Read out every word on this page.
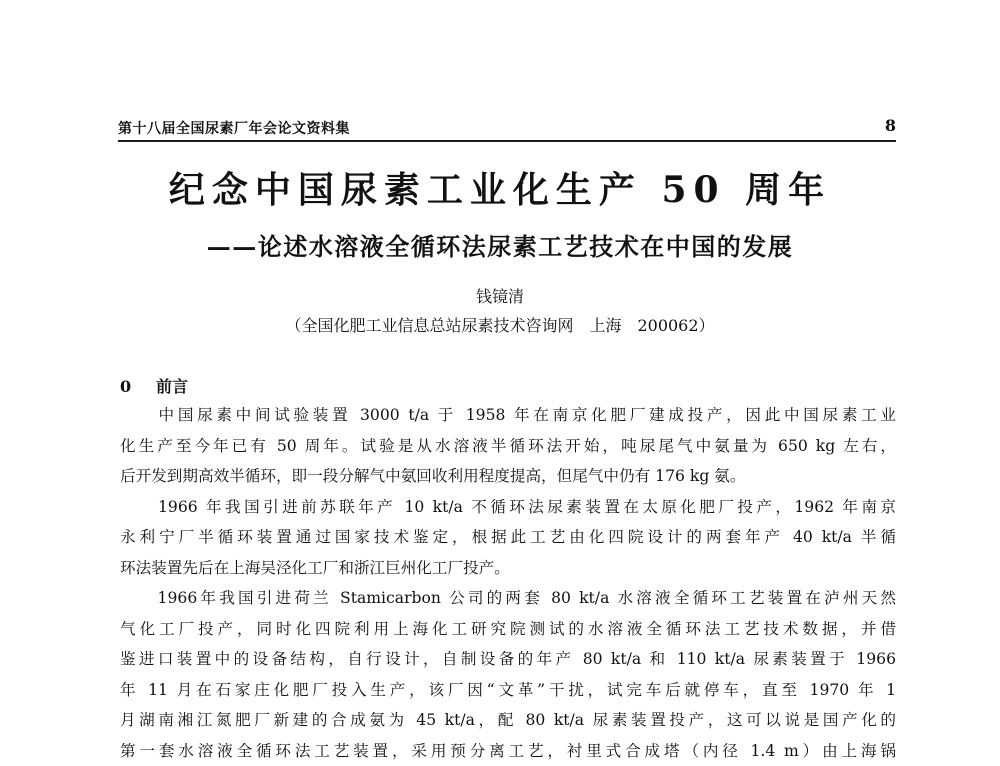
第十八届全国尿素厂年会论文资料集	8
纪念中国尿素工业化生产 50 周年
——论述水溶液全循环法尿素工艺技术在中国的发展
钱镜清
（全国化肥工业信息总站尿素技术咨询网　上海　200062）
0 前言
　　中国尿素中间试验装置 3000 t/a 于 1958 年在南京化肥厂建成投产，因此中国尿素工业
化生产至今年已有 50 周年。试验是从水溶液半循环法开始，吨尿尾气中氨量为 650 kg 左右，
后开发到期高效半循环，即一段分解气中氨回收利用程度提高，但尾气中仍有 176 kg 氨。
　　1966 年我国引进前苏联年产 10 kt/a 不循环法尿素装置在太原化肥厂投产，1962 年南京
永利宁厂半循环装置通过国家技术鉴定，根据此工艺由化四院设计的两套年产 40 kt/a 半循
环法装置先后在上海吴泾化工厂和浙江巨州化工厂投产。
　　1966年我国引进荷兰 Stamicarbon 公司的两套 80 kt/a 水溶液全循环工艺装置在泸州天然
气化工厂投产，同时化四院利用上海化工研究院测试的水溶液全循环法工艺技术数据，并借
鉴进口装置中的设备结构，自行设计，自制设备的年产 80 kt/a 和 110 kt/a 尿素装置于 1966
年 11 月在石家庄化肥厂投入生产，该厂因“文革”干扰，试完车后就停车，直至 1970 年 1
月湖南湘江氮肥厂新建的合成氨为 45 kt/a，配 80 kt/a 尿素装置投产，这可以说是国产化的
第一套水溶液全循环法工艺装置，采用预分离工艺，衬里式合成塔（内径 1.4 m）由上海锅
